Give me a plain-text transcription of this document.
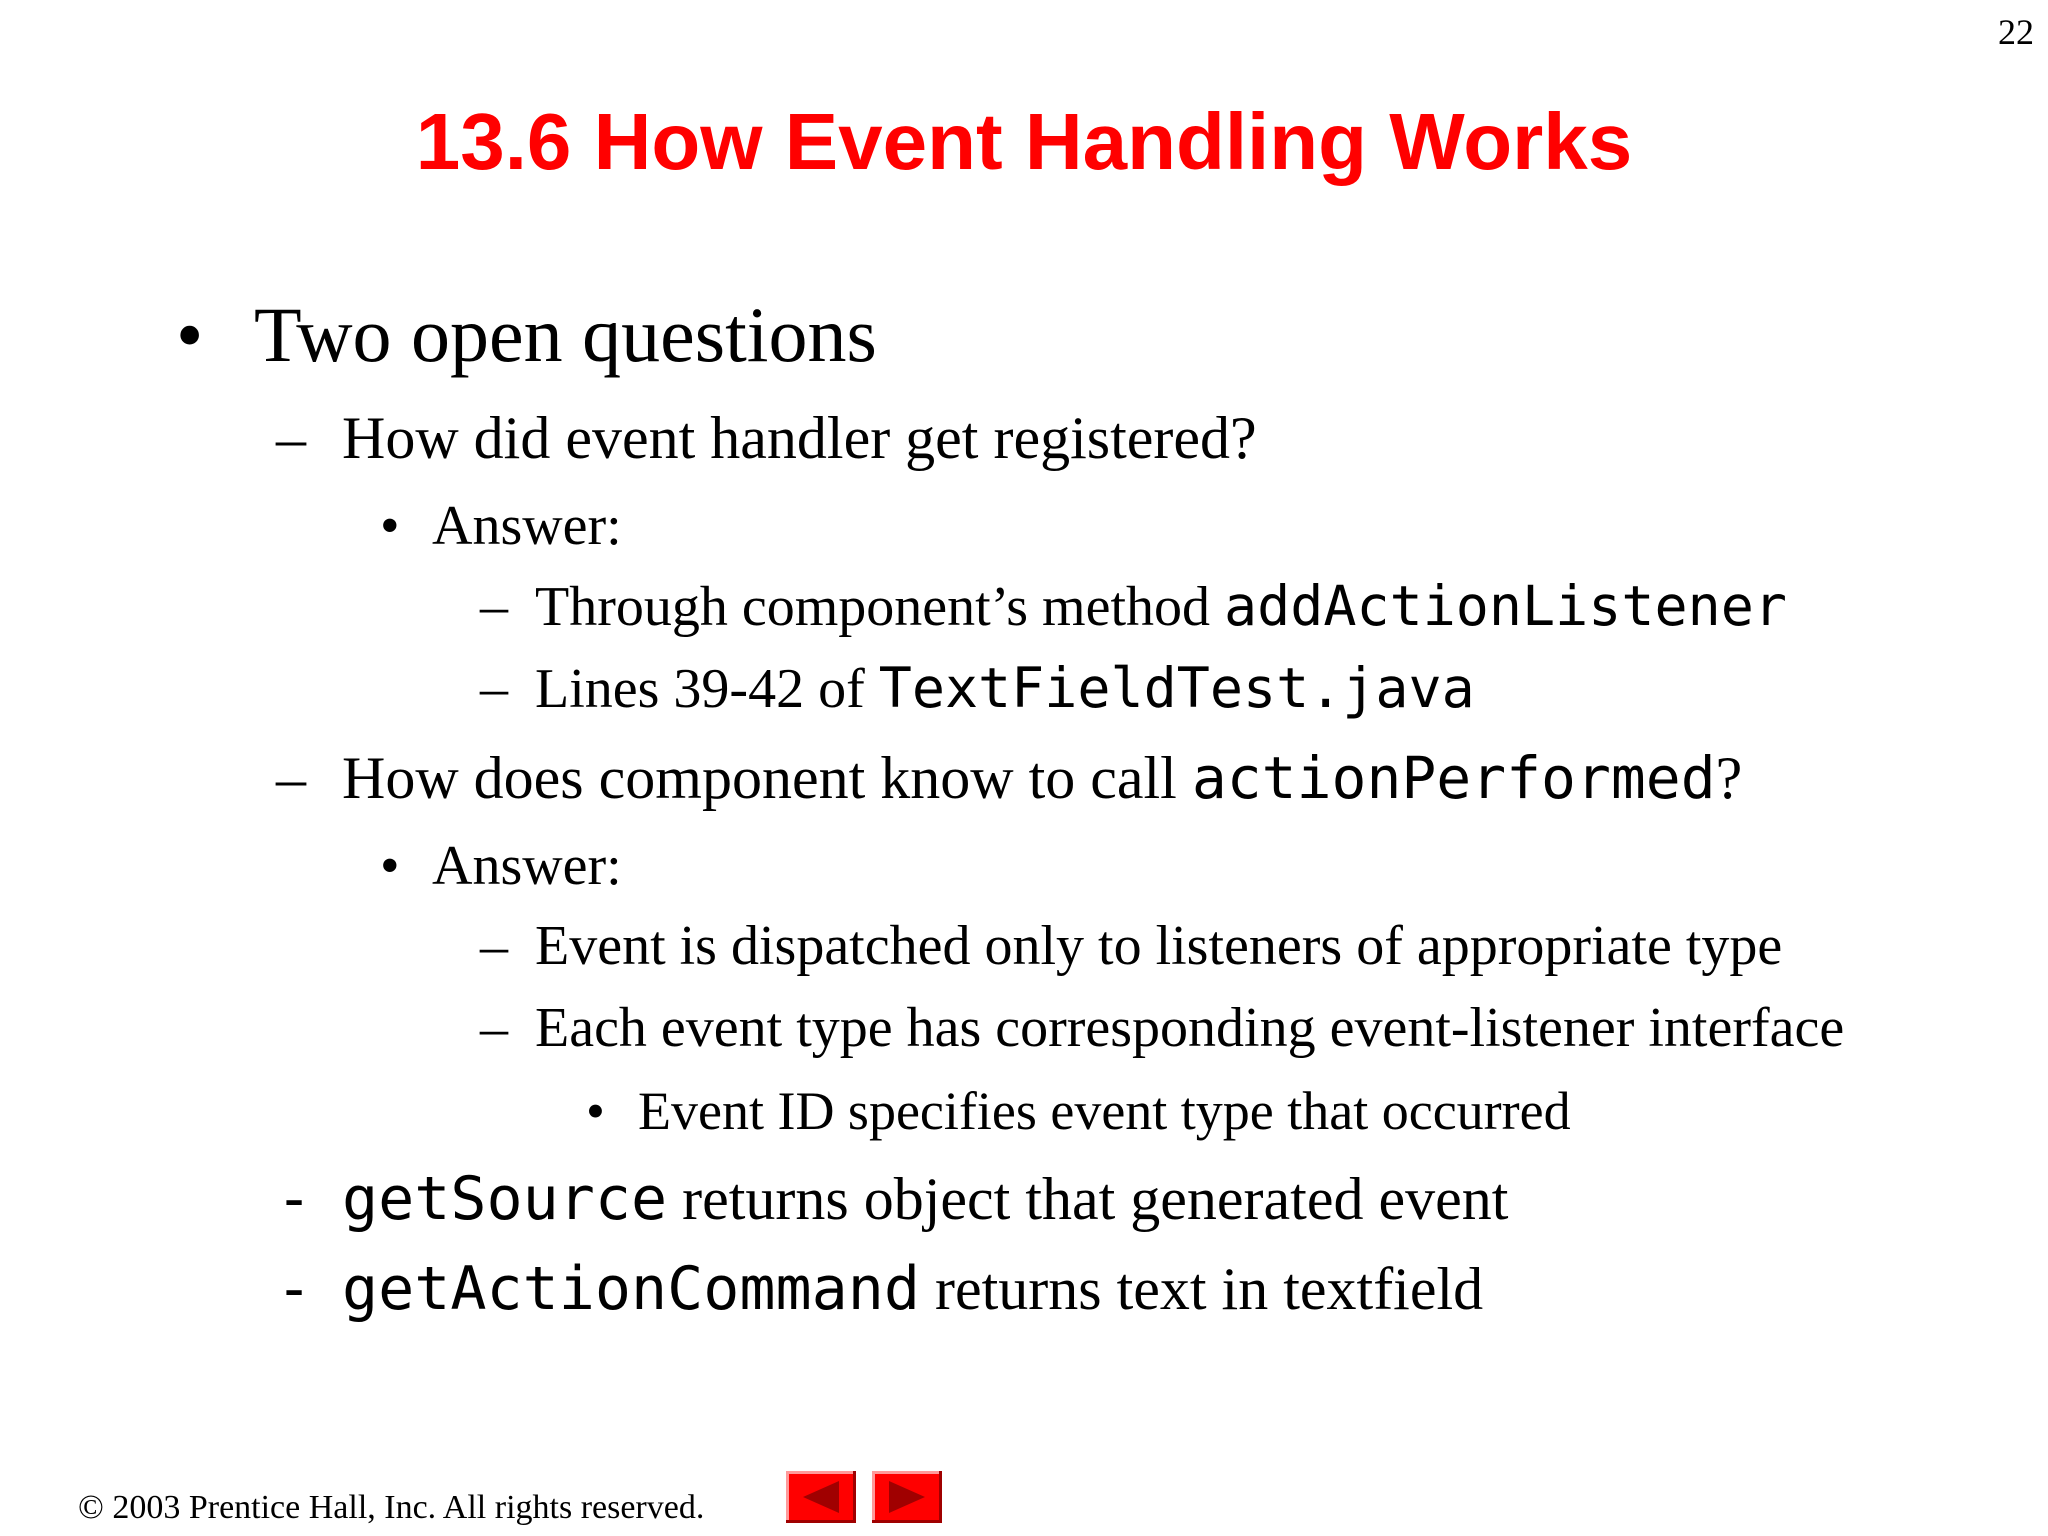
22
13.6 How Event Handling Works
• Two open questions
– How did event handler get registered?
• Answer:
– Through component’s method addActionListener
– Lines 39-42 of TextFieldTest.java
– How does component know to call actionPerformed?
• Answer:
– Event is dispatched only to listeners of appropriate type
– Each event type has corresponding event-listener interface
• Event ID specifies event type that occurred
- getSource returns object that generated event
- getActionCommand returns text in textfield
© 2003 Prentice Hall, Inc. All rights reserved.
